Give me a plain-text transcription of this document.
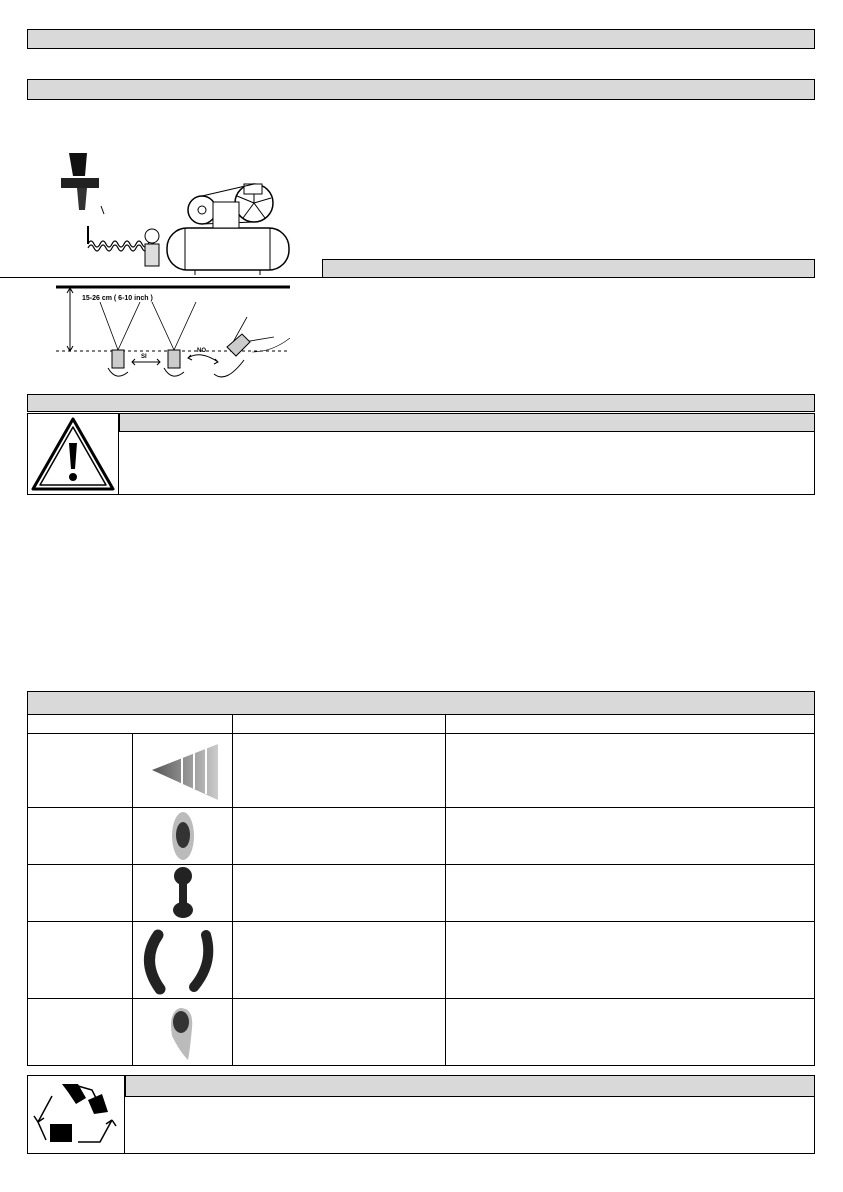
15-26 cm ( 6-10 inch )
SI
NO
